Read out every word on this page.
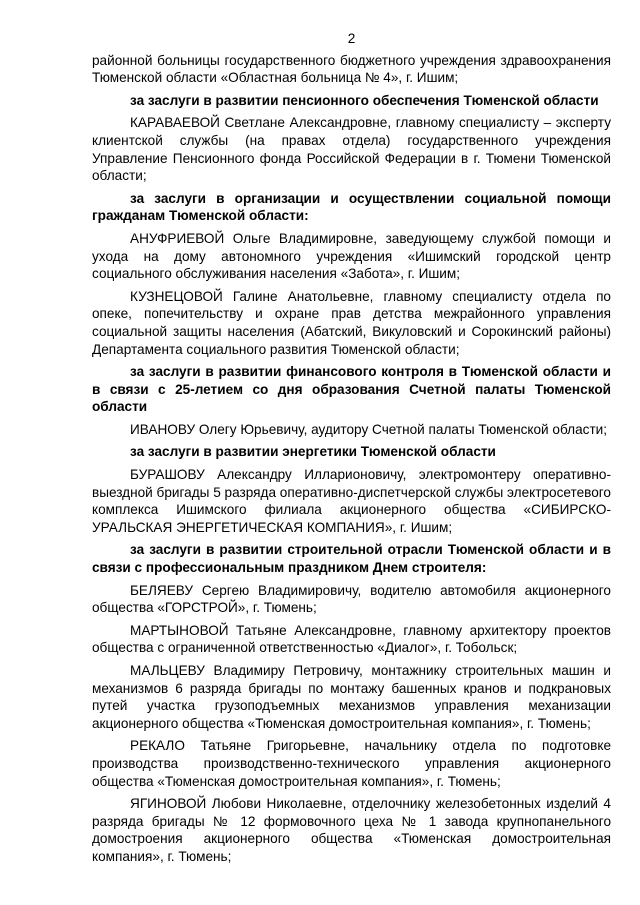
2

районной больницы государственного бюджетного учреждения здравоохранения Тюменской области «Областная больница № 4», г. Ишим;

за заслуги в развитии пенсионного обеспечения Тюменской области

КАРАВАЕВОЙ Светлане Александровне, главному специалисту – эксперту клиентской службы (на правах отдела) государственного учреждения Управление Пенсионного фонда Российской Федерации в г. Тюмени Тюменской области;

за заслуги в организации и осуществлении социальной помощи гражданам Тюменской области:

АНУФРИЕВОЙ Ольге Владимировне, заведующему службой помощи и ухода на дому автономного учреждения «Ишимский городской центр социального обслуживания населения «Забота», г. Ишим;

КУЗНЕЦОВОЙ Галине Анатольевне, главному специалисту отдела по опеке, попечительству и охране прав детства межрайонного управления социальной защиты населения (Абатский, Викуловский и Сорокинский районы) Департамента социального развития Тюменской области;

за заслуги в развитии финансового контроля в Тюменской области и в связи с 25-летием со дня образования Счетной палаты Тюменской области

ИВАНОВУ Олегу Юрьевичу, аудитору Счетной палаты Тюменской области;

за заслуги в развитии энергетики Тюменской области

БУРАШОВУ Александру Илларионовичу, электромонтеру оперативно-выездной бригады 5 разряда оперативно-диспетчерской службы электросетевого комплекса Ишимского филиала акционерного общества «СИБИРСКО-УРАЛЬСКАЯ ЭНЕРГЕТИЧЕСКАЯ КОМПАНИЯ», г. Ишим;

за заслуги в развитии строительной отрасли Тюменской области и в связи с профессиональным праздником Днем строителя:

БЕЛЯЕВУ Сергею Владимировичу, водителю автомобиля акционерного общества «ГОРСТРОЙ», г. Тюмень;

МАРТЫНОВОЙ Татьяне Александровне, главному архитектору проектов общества с ограниченной ответственностью «Диалог», г. Тобольск;

МАЛЬЦЕВУ Владимиру Петровичу, монтажнику строительных машин и механизмов 6 разряда бригады по монтажу башенных кранов и подкрановых путей участка грузоподъемных механизмов управления механизации акционерного общества «Тюменская домостроительная компания», г. Тюмень;

РЕКАЛО Татьяне Григорьевне, начальнику отдела по подготовке производства производственно-технического управления акционерного общества «Тюменская домостроительная компания», г. Тюмень;

ЯГИНОВОЙ Любови Николаевне, отделочнику железобетонных изделий 4 разряда бригады № 12 формовочного цеха № 1 завода крупнопанельного домостроения акционерного общества «Тюменская домостроительная компания», г. Тюмень;
